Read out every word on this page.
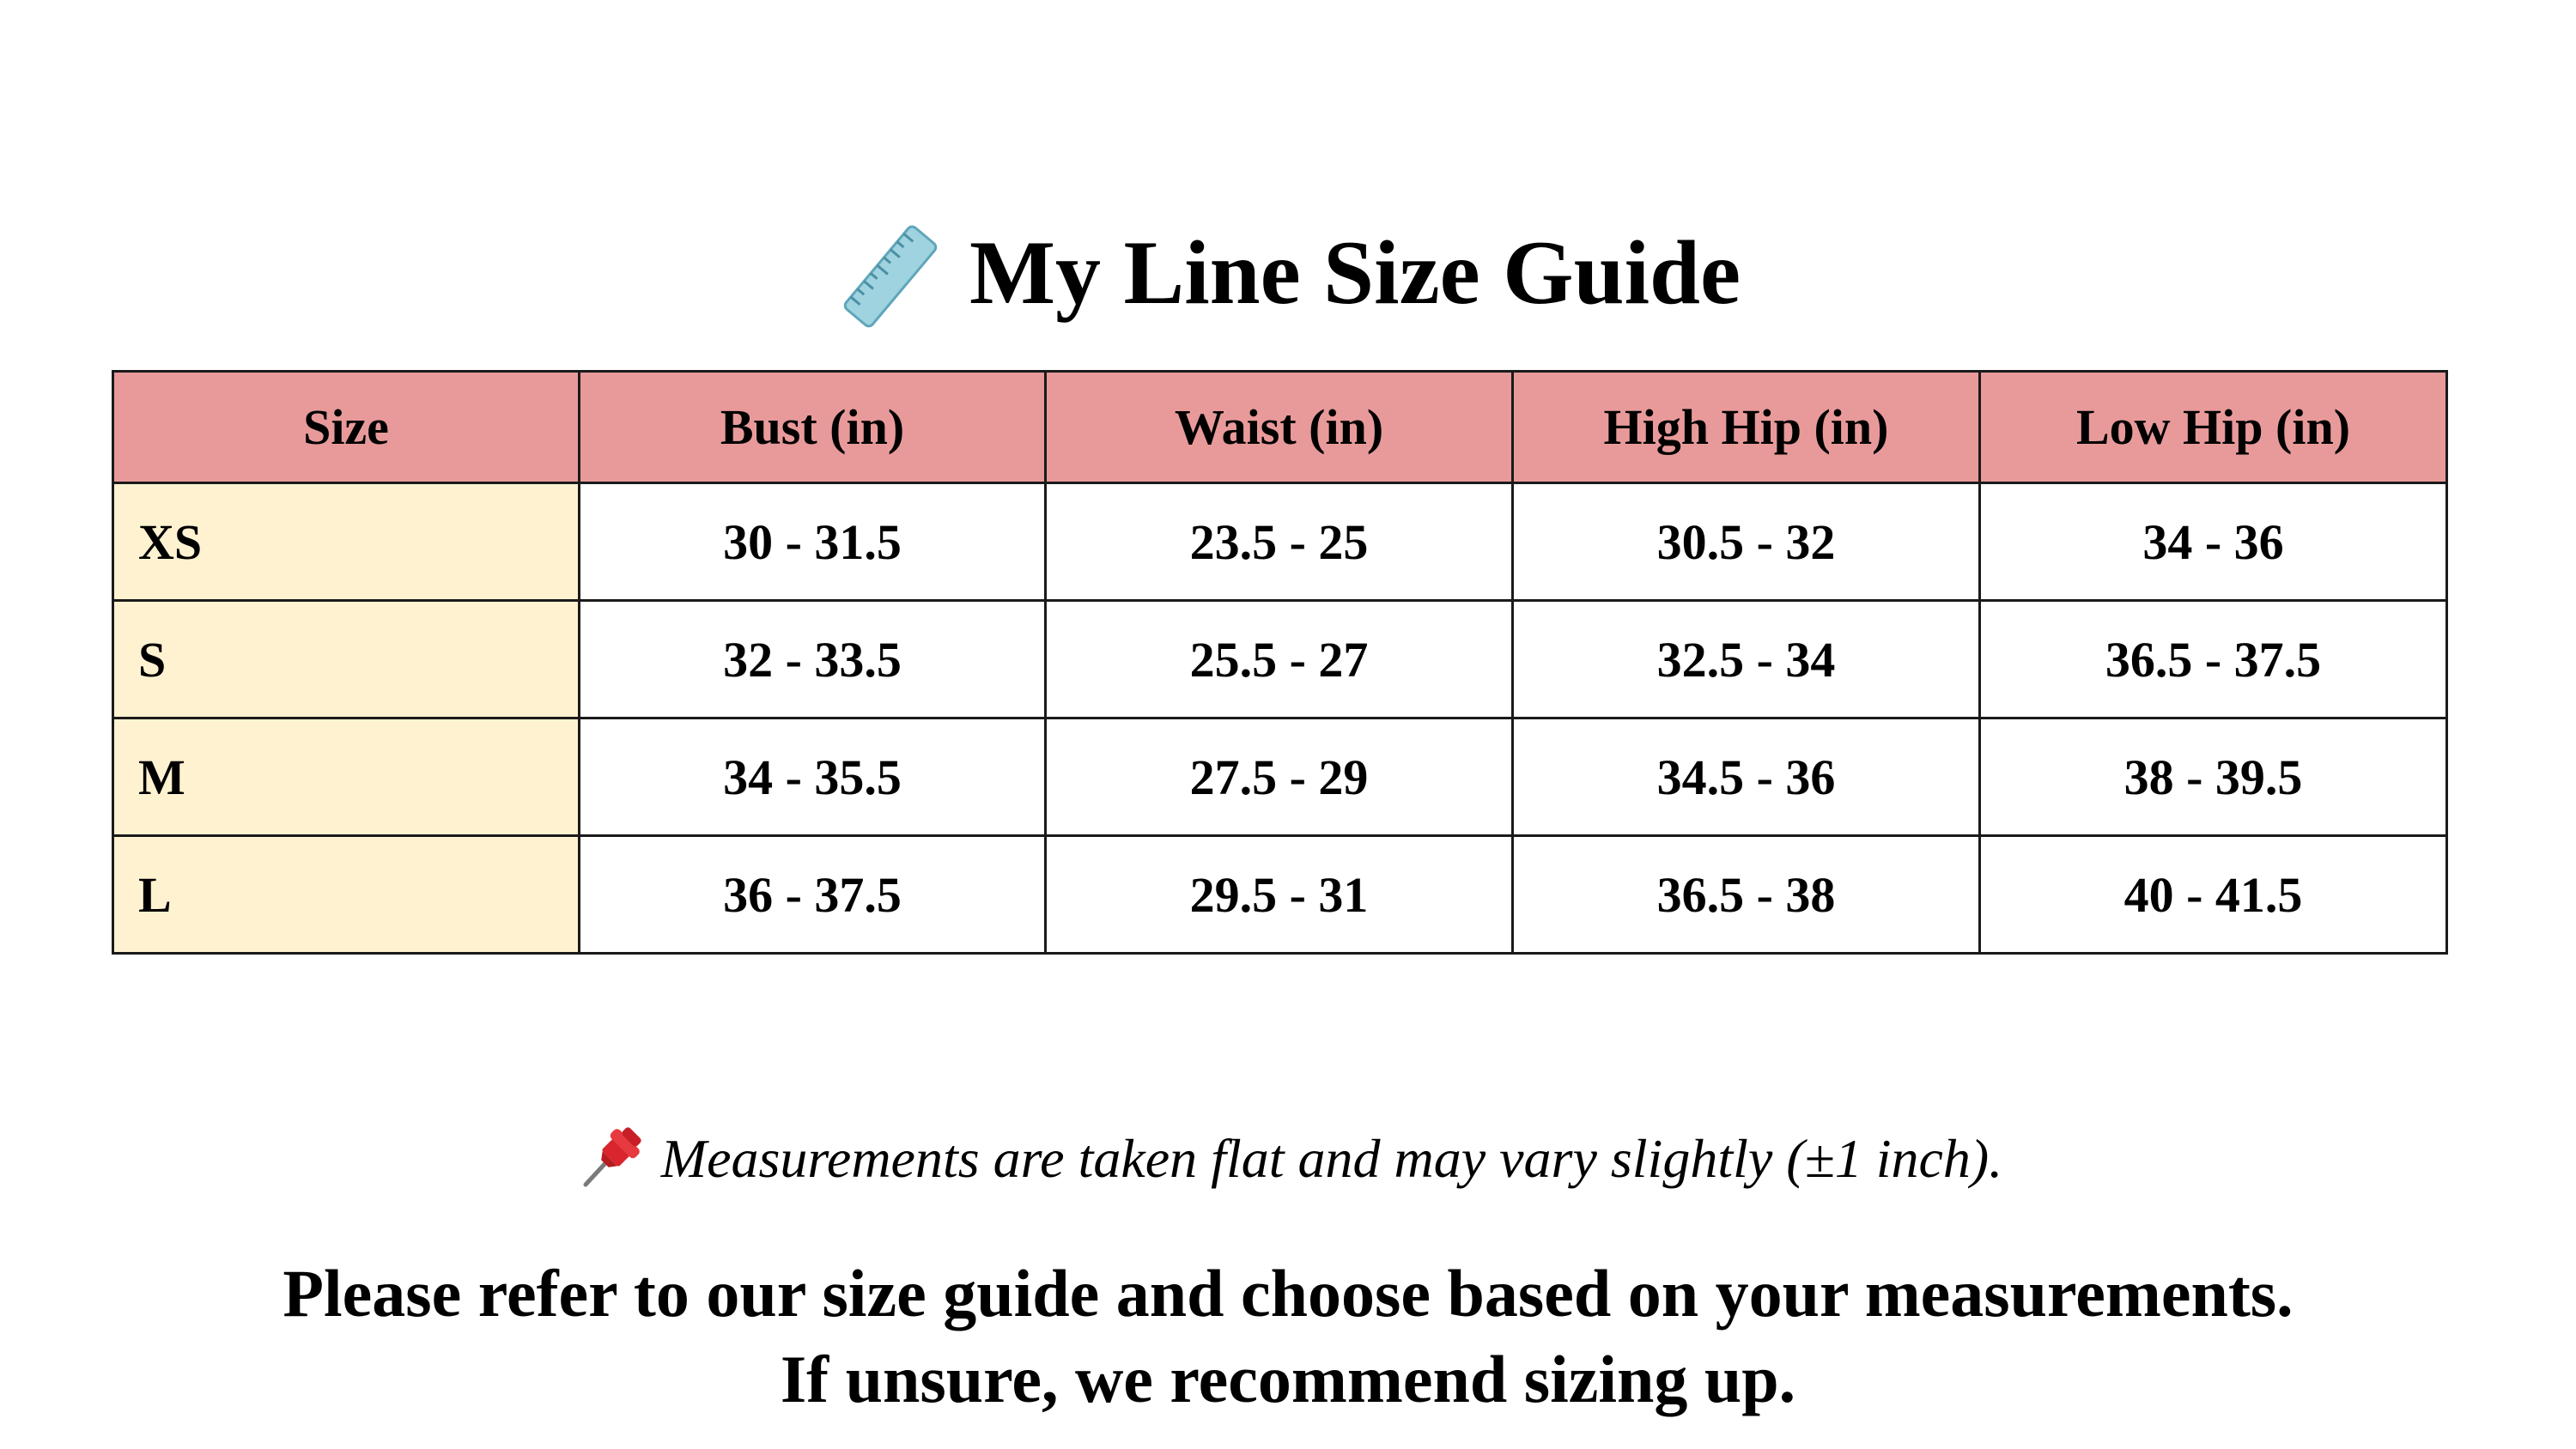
My Line Size Guide
Size	Bust (in)	Waist (in)	High Hip (in)	Low Hip (in)
XS	30 - 31.5	23.5 - 25	30.5 - 32	34 - 36
S	32 - 33.5	25.5 - 27	32.5 - 34	36.5 - 37.5
M	34 - 35.5	27.5 - 29	34.5 - 36	38 - 39.5
L	36 - 37.5	29.5 - 31	36.5 - 38	40 - 41.5
Measurements are taken flat and may vary slightly (±1 inch).
Please refer to our size guide and choose based on your measurements.
If unsure, we recommend sizing up.
